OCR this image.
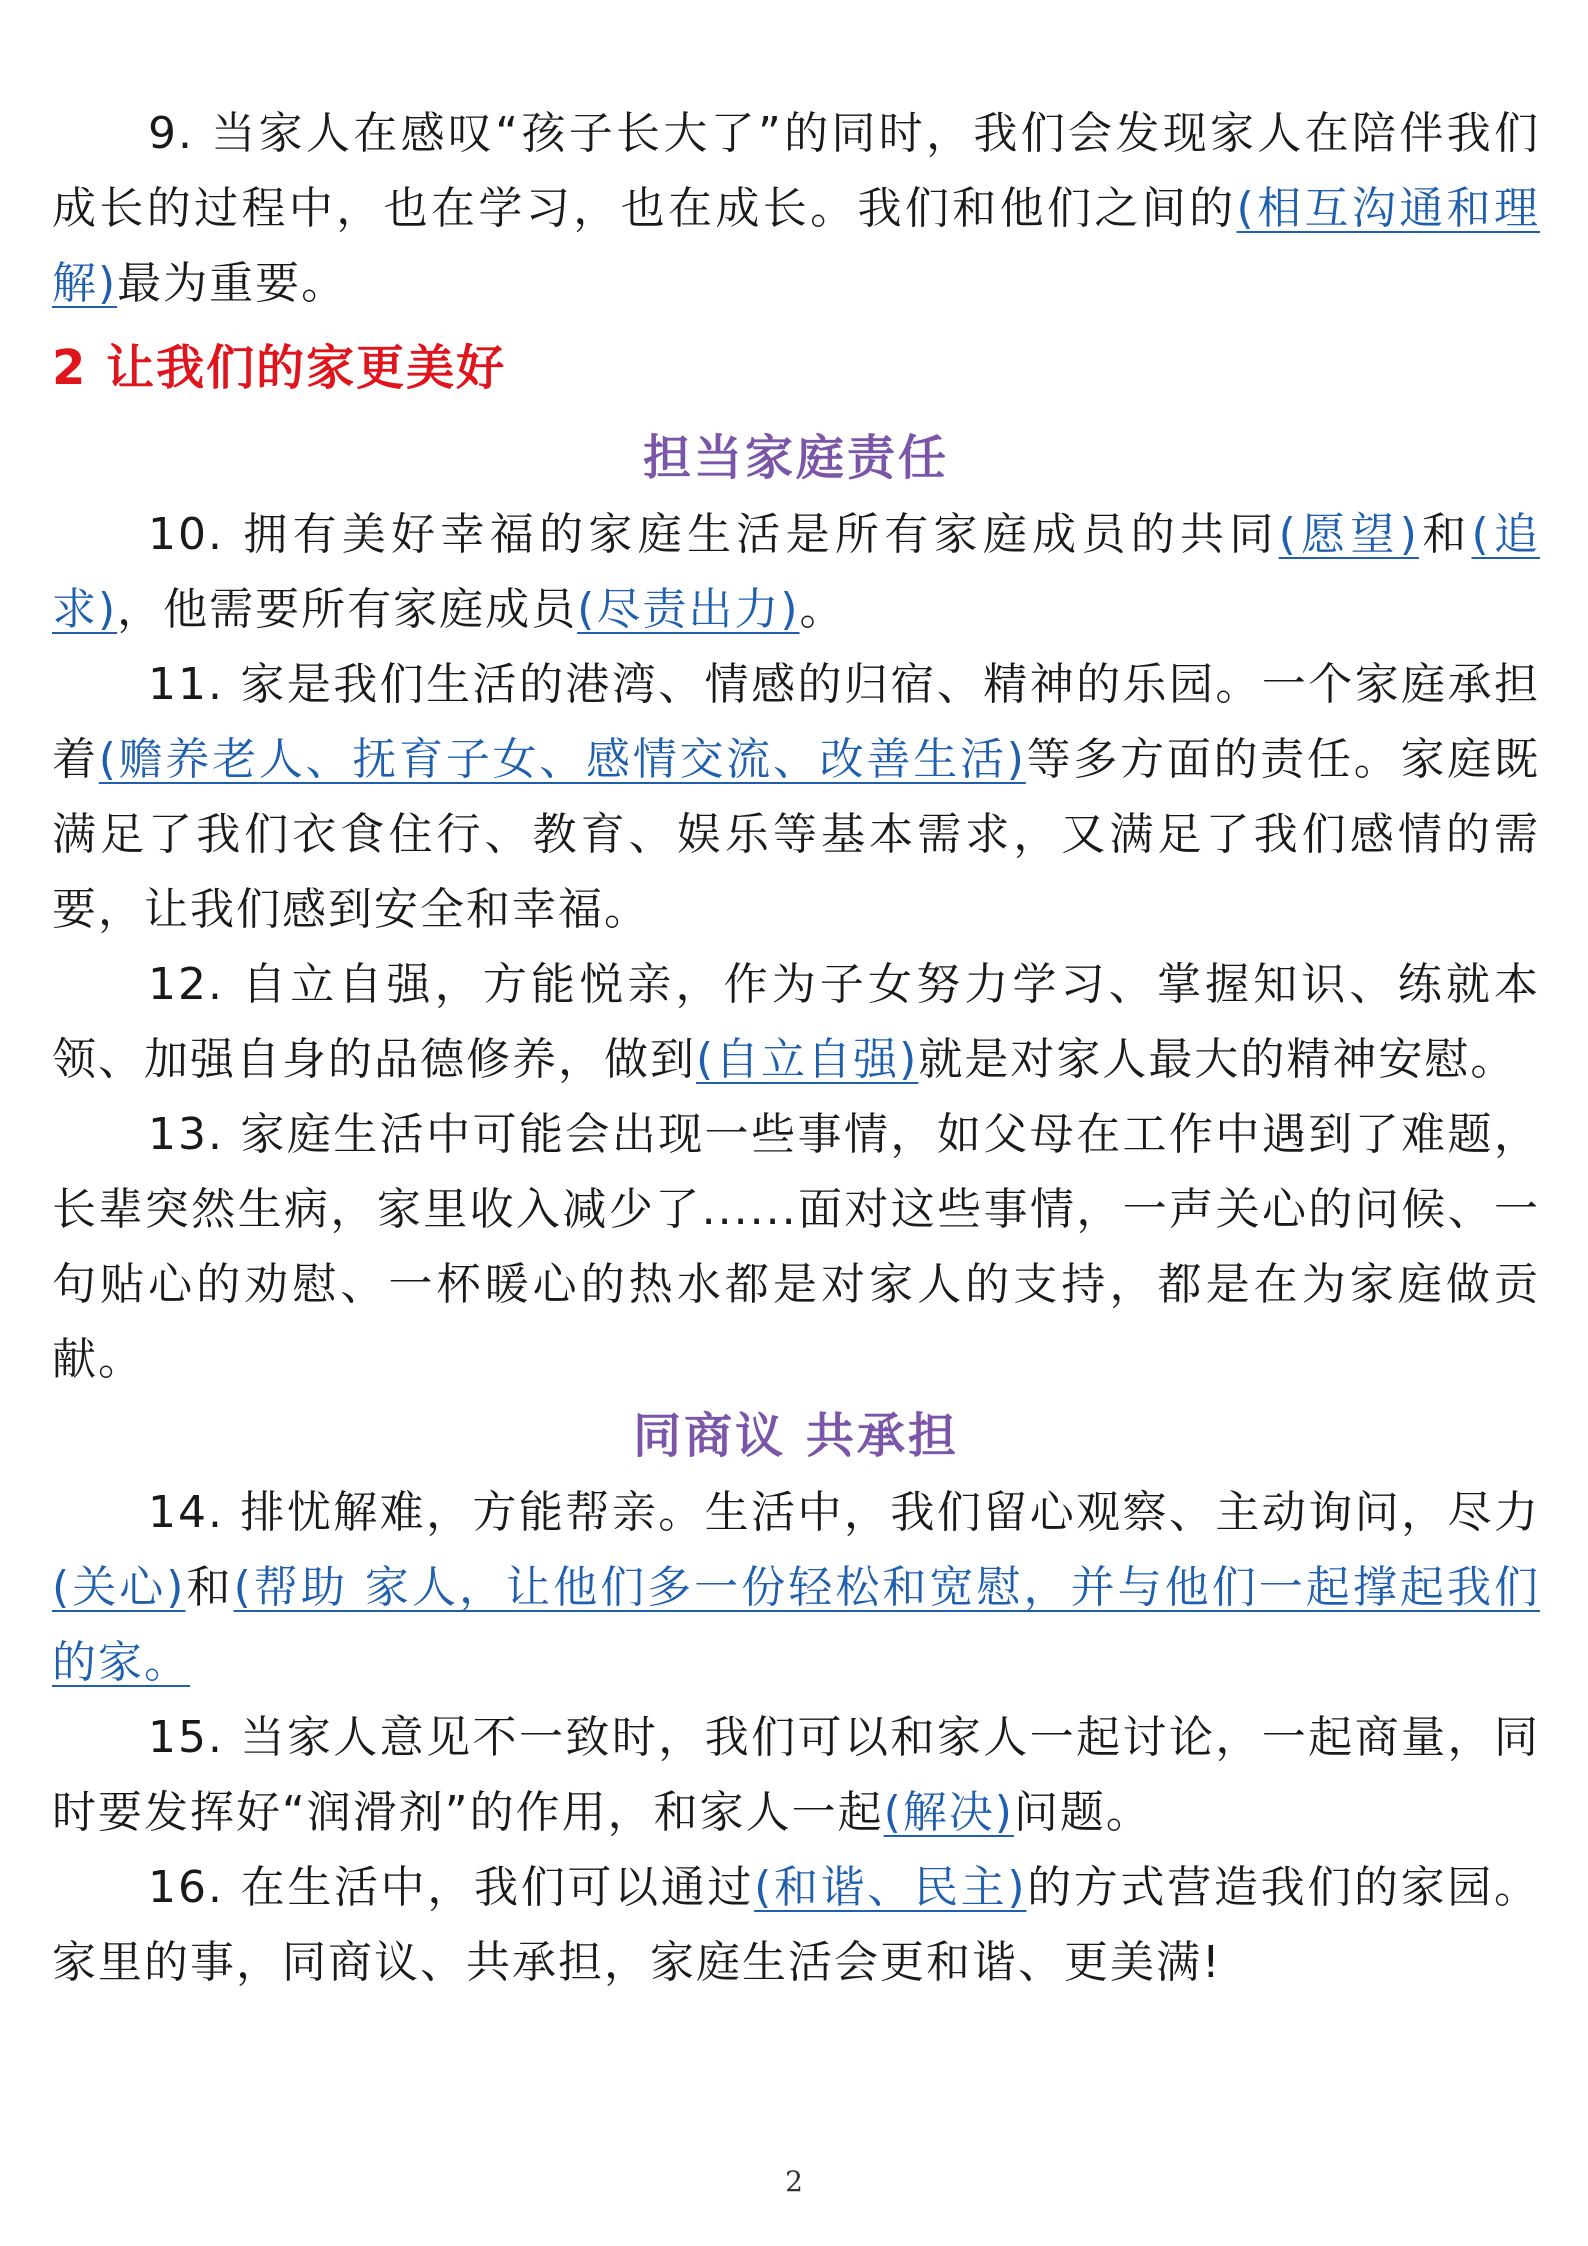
9. 当家人在感叹“孩子长大了”的同时，我们会发现家人在陪伴我们成长的过程中，也在学习，也在成长。我们和他们之间的(相互沟通和理解)最为重要。

2 让我们的家更美好
担当家庭责任

10. 拥有美好幸福的家庭生活是所有家庭成员的共同(愿望)和(追求)，他需要所有家庭成员(尽责出力)。

11. 家是我们生活的港湾、情感的归宿、精神的乐园。一个家庭承担着(赡养老人、抚育子女、感情交流、改善生活)等多方面的责任。家庭既满足了我们衣食住行、教育、娱乐等基本需求，又满足了我们感情的需要，让我们感到安全和幸福。

12. 自立自强，方能悦亲，作为子女努力学习、掌握知识、练就本领、加强自身的品德修养，做到(自立自强)就是对家人最大的精神安慰。

13. 家庭生活中可能会出现一些事情，如父母在工作中遇到了难题，长辈突然生病，家里收入减少了......面对这些事情，一声关心的问候、一句贴心的劝慰、一杯暖心的热水都是对家人的支持，都是在为家庭做贡献。

同商议 共承担

14. 排忧解难，方能帮亲。生活中，我们留心观察、主动询问，尽力(关心)和(帮助 家人，让他们多一份轻松和宽慰，并与他们一起撑起我们的家。

15. 当家人意见不一致时，我们可以和家人一起讨论，一起商量，同时要发挥好“润滑剂”的作用，和家人一起(解决)问题。

16. 在生活中，我们可以通过(和谐、民主)的方式营造我们的家园。家里的事，同商议、共承担，家庭生活会更和谐、更美满!

2
